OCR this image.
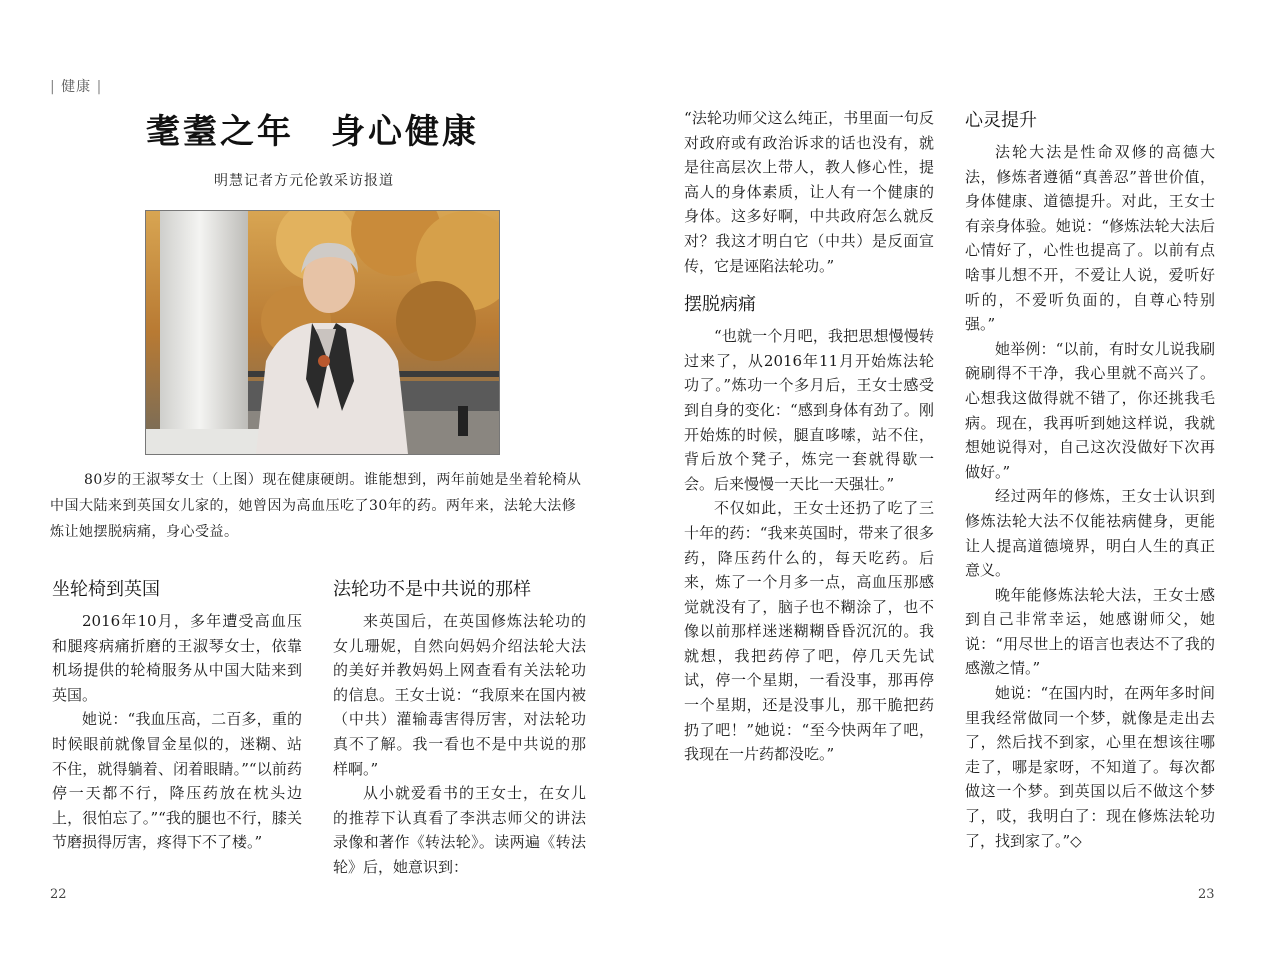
| 健康 |
耄耋之年　身心健康
明慧记者方元伦敦采访报道
80岁的王淑琴女士（上图）现在健康硬朗。谁能想到，两年前她是坐着轮椅从中国大陆来到英国女儿家的，她曾因为高血压吃了30年的药。两年来，法轮大法修炼让她摆脱病痛，身心受益。
坐轮椅到英国

2016年10月，多年遭受高血压和腿疼病痛折磨的王淑琴女士，依靠机场提供的轮椅服务从中国大陆来到英国。

她说：“我血压高，二百多，重的时候眼前就像冒金星似的，迷糊、站不住，就得躺着、闭着眼睛。”“以前药停一天都不行，降压药放在枕头边上，很怕忘了。”“我的腿也不行，膝关节磨损得厉害，疼得下不了楼。”

法轮功不是中共说的那样

来英国后，在英国修炼法轮功的女儿珊妮，自然向妈妈介绍法轮大法的美好并教妈妈上网查看有关法轮功的信息。王女士说：“我原来在国内被（中共）灌输毒害得厉害，对法轮功真不了解。我一看也不是中共说的那样啊。”

从小就爱看书的王女士，在女儿的推荐下认真看了李洪志师父的讲法录像和著作《转法轮》。读两遍《转法轮》后，她意识到：

“法轮功师父这么纯正，书里面一句反对政府或有政治诉求的话也没有，就是往高层次上带人，教人修心性，提高人的身体素质，让人有一个健康的身体。这多好啊，中共政府怎么就反对？我这才明白它（中共）是反面宣传，它是诬陷法轮功。”

摆脱病痛

“也就一个月吧，我把思想慢慢转过来了，从2016年11月开始炼法轮功了。”炼功一个多月后，王女士感受到自身的变化：“感到身体有劲了。刚开始炼的时候，腿直哆嗦，站不住，背后放个凳子，炼完一套就得歇一会。后来慢慢一天比一天强壮。”

不仅如此，王女士还扔了吃了三十年的药：“我来英国时，带来了很多药，降压药什么的，每天吃药。后来，炼了一个月多一点，高血压那感觉就没有了，脑子也不糊涂了，也不像以前那样迷迷糊糊昏昏沉沉的。我就想，我把药停了吧，停几天先试试，停一个星期，一看没事，那再停一个星期，还是没事儿，那干脆把药扔了吧！”她说：“至今快两年了吧，我现在一片药都没吃。”

心灵提升

法轮大法是性命双修的高德大法，修炼者遵循“真善忍”普世价值，身体健康、道德提升。对此，王女士有亲身体验。她说：“修炼法轮大法后心情好了，心性也提高了。以前有点啥事儿想不开，不爱让人说，爱听好听的，不爱听负面的，自尊心特别强。”

她举例：“以前，有时女儿说我刷碗刷得不干净，我心里就不高兴了。心想我这做得就不错了，你还挑我毛病。现在，我再听到她这样说，我就想她说得对，自己这次没做好下次再做好。”

经过两年的修炼，王女士认识到修炼法轮大法不仅能祛病健身，更能让人提高道德境界，明白人生的真正意义。

晚年能修炼法轮大法，王女士感到自己非常幸运，她感谢师父，她说：“用尽世上的语言也表达不了我的感激之情。”

她说：“在国内时，在两年多时间里我经常做同一个梦，就像是走出去了，然后找不到家，心里在想该往哪走了，哪是家呀，不知道了。每次都做这一个梦。到英国以后不做这个梦了，哎，我明白了：现在修炼法轮功了，找到家了。”◇

22	23
